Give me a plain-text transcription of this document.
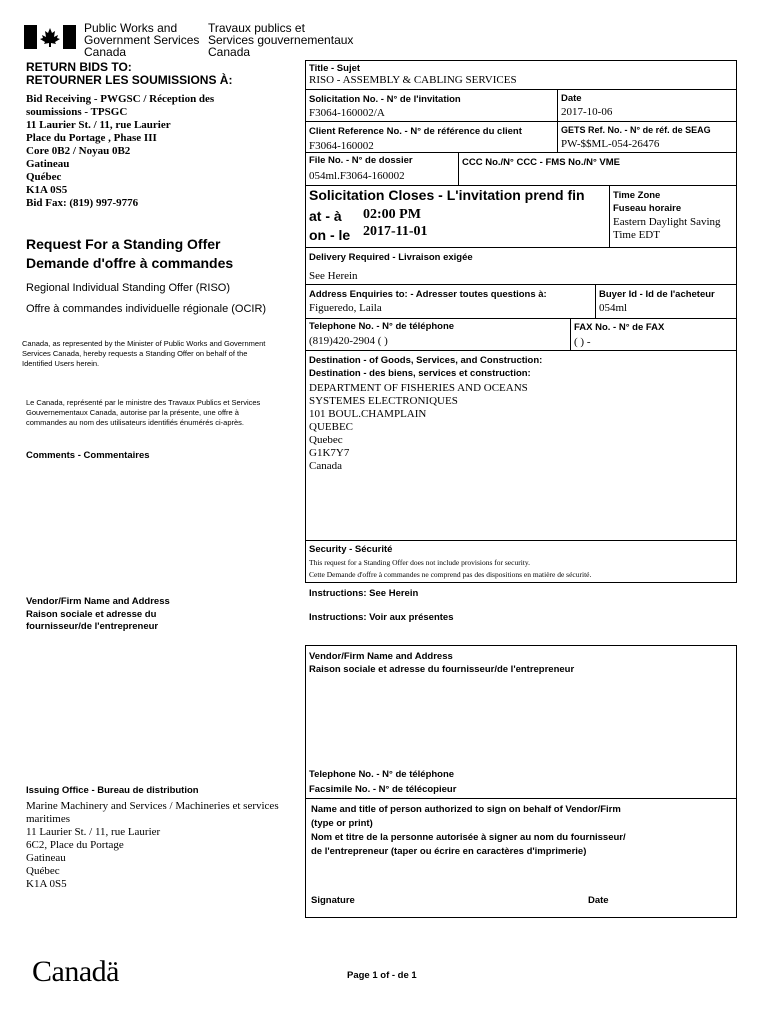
Public Works and
Government Services
Canada
Travaux publics et
Services gouvernementaux
Canada
RETURN BIDS TO:
RETOURNER LES SOUMISSIONS À:
Bid Receiving - PWGSC / Réception des
soumissions - TPSGC
11 Laurier St. / 11, rue Laurier
Place du Portage , Phase III
Core 0B2 / Noyau 0B2
Gatineau
Québec
K1A 0S5
Bid Fax: (819) 997-9776
Request For a Standing Offer
Demande d'offre à commandes
Regional Individual Standing Offer (RISO)
Offre à commandes individuelle régionale (OCIR)
Canada, as represented by the Minister of Public Works and Government Services Canada, hereby requests a Standing Offer on behalf of the Identified Users herein.
Le Canada, représenté par le ministre des Travaux Publics et Services Gouvernementaux Canada, autorise par la présente, une offre à commandes au nom des utilisateurs identifiés énumérés ci-après.
Comments - Commentaires
Vendor/Firm Name and Address
Raison sociale et adresse du
fournisseur/de l'entrepreneur
Issuing Office - Bureau de distribution
Marine Machinery and Services / Machineries et services
maritimes
11 Laurier St. / 11, rue Laurier
6C2, Place du Portage
Gatineau
Québec
K1A 0S5
Title - Sujet
RISO - ASSEMBLY & CABLING SERVICES
Solicitation No. - N° de l'invitation
F3064-160002/A
Date
2017-10-06
Client Reference No. - N° de référence du client
F3064-160002
GETS Ref. No. - N° de réf. de SEAG
PW-$$ML-054-26476
File No. - N° de dossier
054ml.F3064-160002
CCC No./N° CCC - FMS No./N° VME
Solicitation Closes - L'invitation prend fin
at - à 02:00 PM
on - le 2017-11-01
Time Zone
Fuseau horaire
Eastern Daylight Saving
Time EDT
Delivery Required - Livraison exigée
See Herein
Address Enquiries to: - Adresser toutes questions à:
Figueredo, Laila
Buyer Id - Id de l'acheteur
054ml
Telephone No. - N° de téléphone
(819)420-2904 ( )
FAX No. - N° de FAX
( ) -
Destination - of Goods, Services, and Construction:
Destination - des biens, services et construction:
DEPARTMENT OF FISHERIES AND OCEANS
SYSTEMES ELECTRONIQUES
101 BOUL.CHAMPLAIN
QUEBEC
Quebec
G1K7Y7
Canada
Security - Sécurité
This request for a Standing Offer does not include provisions for security.
Cette Demande d'offre à commandes ne comprend pas des dispositions en matière de sécurité.
Instructions: See Herein
Instructions: Voir aux présentes
Vendor/Firm Name and Address
Raison sociale et adresse du fournisseur/de l'entrepreneur
Telephone No. - N° de téléphone
Facsimile No. - N° de télécopieur
Name and title of person authorized to sign on behalf of Vendor/Firm
(type or print)
Nom et titre de la personne autorisée à signer au nom du fournisseur/
de l'entrepreneur (taper ou écrire en caractères d'imprimerie)
Signature	Date
Canadä	Page 1 of - de 1
